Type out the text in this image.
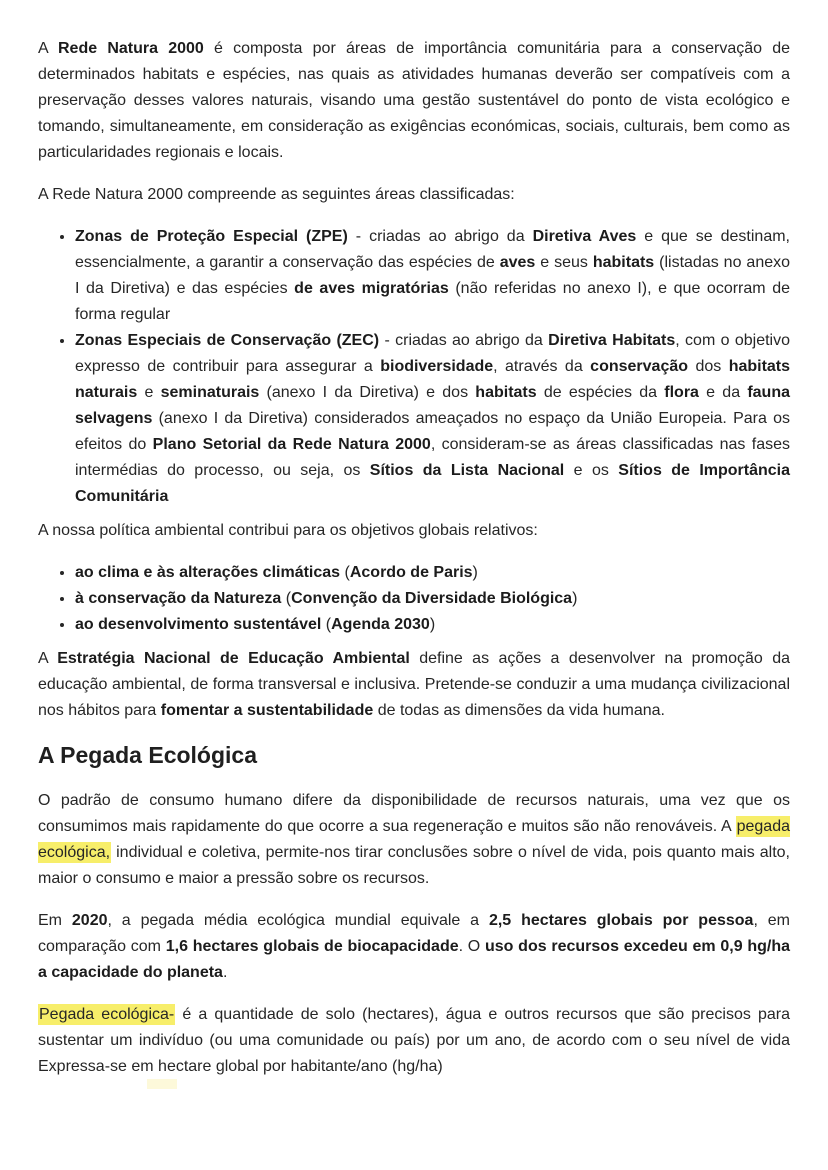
A Rede Natura 2000 é composta por áreas de importância comunitária para a conservação de determinados habitats e espécies, nas quais as atividades humanas deverão ser compatíveis com a preservação desses valores naturais, visando uma gestão sustentável do ponto de vista ecológico e tomando, simultaneamente, em consideração as exigências económicas, sociais, culturais, bem como as particularidades regionais e locais.

A Rede Natura 2000 compreende as seguintes áreas classificadas:

• Zonas de Proteção Especial (ZPE) - criadas ao abrigo da Diretiva Aves e que se destinam, essencialmente, a garantir a conservação das espécies de aves e seus habitats (listadas no anexo I da Diretiva) e das espécies de aves migratórias (não referidas no anexo I), e que ocorram de forma regular
• Zonas Especiais de Conservação (ZEC) - criadas ao abrigo da Diretiva Habitats, com o objetivo expresso de contribuir para assegurar a biodiversidade, através da conservação dos habitats naturais e seminaturais (anexo I da Diretiva) e dos habitats de espécies da flora e da fauna selvagens (anexo I da Diretiva) considerados ameaçados no espaço da União Europeia. Para os efeitos do Plano Setorial da Rede Natura 2000, consideram-se as áreas classificadas nas fases intermédias do processo, ou seja, os Sítios da Lista Nacional e os Sítios de Importância Comunitária

A nossa política ambiental contribui para os objetivos globais relativos:

• ao clima e às alterações climáticas (Acordo de Paris)
• à conservação da Natureza (Convenção da Diversidade Biológica)
• ao desenvolvimento sustentável (Agenda 2030)

A Estratégia Nacional de Educação Ambiental define as ações a desenvolver na promoção da educação ambiental, de forma transversal e inclusiva. Pretende-se conduzir a uma mudança civilizacional nos hábitos para fomentar a sustentabilidade de todas as dimensões da vida humana.

A Pegada Ecológica

O padrão de consumo humano difere da disponibilidade de recursos naturais, uma vez que os consumimos mais rapidamente do que ocorre a sua regeneração e muitos são não renováveis. A pegada ecológica, individual e coletiva, permite-nos tirar conclusões sobre o nível de vida, pois quanto mais alto, maior o consumo e maior a pressão sobre os recursos.

Em 2020, a pegada média ecológica mundial equivale a 2,5 hectares globais por pessoa, em comparação com 1,6 hectares globais de biocapacidade. O uso dos recursos excedeu em 0,9 hg/ha a capacidade do planeta.

Pegada ecológica- é a quantidade de solo (hectares), água e outros recursos que são precisos para sustentar um indivíduo (ou uma comunidade ou país) por um ano, de acordo com o seu nível de vida Expressa-se em hectare global por habitante/ano (hg/ha)
